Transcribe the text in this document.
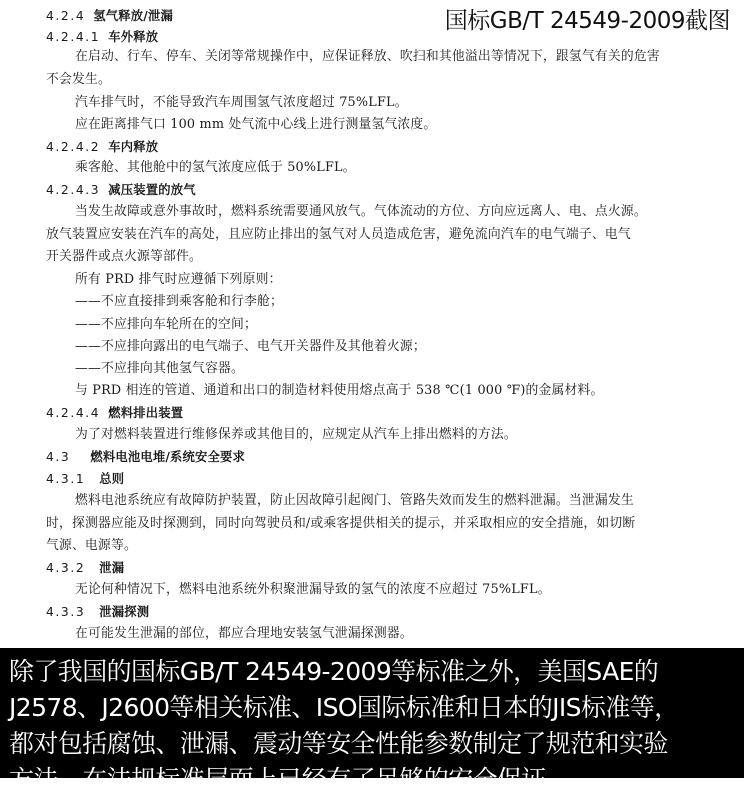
国标GB/T 24549-2009截图
4.2.4 氢气释放/泄漏
4.2.4.1 车外释放
在启动、行车、停车、关闭等常规操作中，应保证释放、吹扫和其他溢出等情况下，跟氢气有关的危害
不会发生。
汽车排气时，不能导致汽车周围氢气浓度超过 75%LFL。
应在距离排气口 100 mm 处气流中心线上进行测量氢气浓度。
4.2.4.2 车内释放
乘客舱、其他舱中的氢气浓度应低于 50%LFL。
4.2.4.3 减压装置的放气
当发生故障或意外事故时，燃料系统需要通风放气。气体流动的方位、方向应远离人、电、点火源。
放气装置应安装在汽车的高处，且应防止排出的氢气对人员造成危害，避免流向汽车的电气端子、电气
开关器件或点火源等部件。
所有 PRD 排气时应遵循下列原则：
——不应直接排到乘客舱和行李舱；
——不应排向车轮所在的空间；
——不应排向露出的电气端子、电气开关器件及其他着火源；
——不应排向其他氢气容器。
与 PRD 相连的管道、通道和出口的制造材料使用熔点高于 538 ℃(1 000 ℉)的金属材料。
4.2.4.4 燃料排出装置
为了对燃料装置进行维修保养或其他目的，应规定从汽车上排出燃料的方法。
4.3 燃料电池电堆/系统安全要求
4.3.1 总则
燃料电池系统应有故障防护装置，防止因故障引起阀门、管路失效而发生的燃料泄漏。当泄漏发生
时，探测器应能及时探测到，同时向驾驶员和/或乘客提供相关的提示，并采取相应的安全措施，如切断
气源、电源等。
4.3.2 泄漏
无论何种情况下，燃料电池系统外积聚泄漏导致的氢气的浓度不应超过 75%LFL。
4.3.3 泄漏探测
在可能发生泄漏的部位，都应合理地安装氢气泄漏探测器。
除了我国的国标GB/T 24549-2009等标准之外，美国SAE的
J2578、J2600等相关标准、ISO国际标准和日本的JIS标准等，
都对包括腐蚀、泄漏、震动等安全性能参数制定了规范和实验
方法，在法规标准层面上已经有了足够的安全保证。
